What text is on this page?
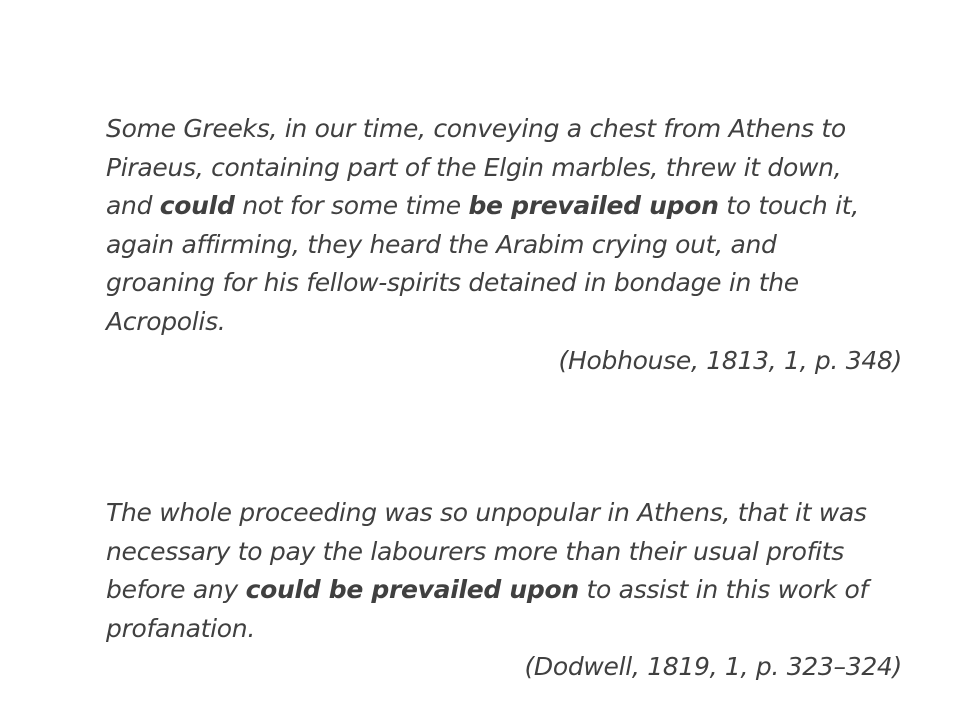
Some Greeks, in our time, conveying a chest from Athens to
Piraeus, containing part of the Elgin marbles, threw it down,
and could not for some time be prevailed upon to touch it,
again affirming, they heard the Arabim crying out, and
groaning for his fellow-spirits detained in bondage in the
Acropolis.

(Hobhouse, 1813, 1, p. 348)

The whole proceeding was so unpopular in Athens, that it was
necessary to pay the labourers more than their usual profits
before any could be prevailed upon to assist in this work of
profanation.

(Dodwell, 1819, 1, p. 323–324)
